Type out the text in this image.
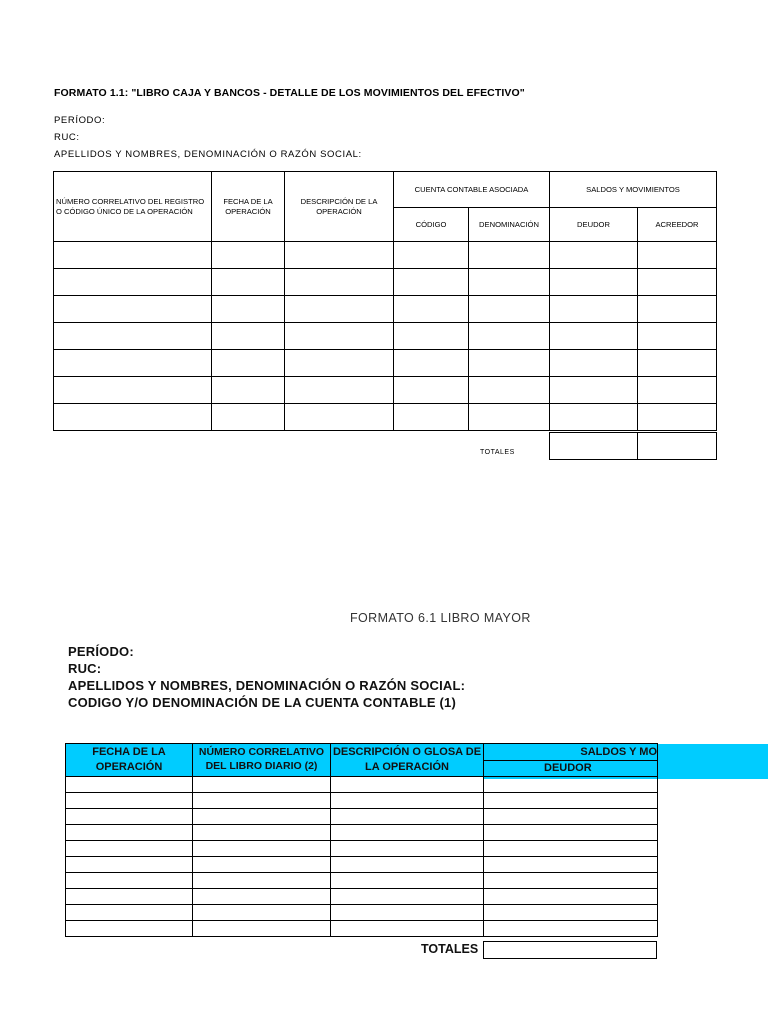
FORMATO 1.1: "LIBRO CAJA Y BANCOS - DETALLE DE LOS MOVIMIENTOS DEL EFECTIVO"
PERÍODO:
RUC:
APELLIDOS Y NOMBRES, DENOMINACIÓN O RAZÓN SOCIAL:
NÚMERO CORRELATIVO DEL REGISTRO O CÓDIGO ÚNICO DE LA OPERACIÓN	FECHA DE LA OPERACIÓN	DESCRIPCIÓN DE LA OPERACIÓN	CUENTA CONTABLE ASOCIADA		SALDOS Y MOVIMIENTOS	
			CÓDIGO	DENOMINACIÓN	DEUDOR	ACREEDOR

TOTALES

FORMATO 6.1 LIBRO MAYOR
PERÍODO:
RUC:
APELLIDOS Y NOMBRES, DENOMINACIÓN O RAZÓN SOCIAL:
CODIGO Y/O DENOMINACIÓN DE LA CUENTA CONTABLE (1)
FECHA DE LA OPERACIÓN	NÚMERO CORRELATIVO DEL LIBRO DIARIO (2)	DESCRIPCIÓN O GLOSA DE LA OPERACIÓN	SALDOS Y MO
			DEUDOR

TOTALES
